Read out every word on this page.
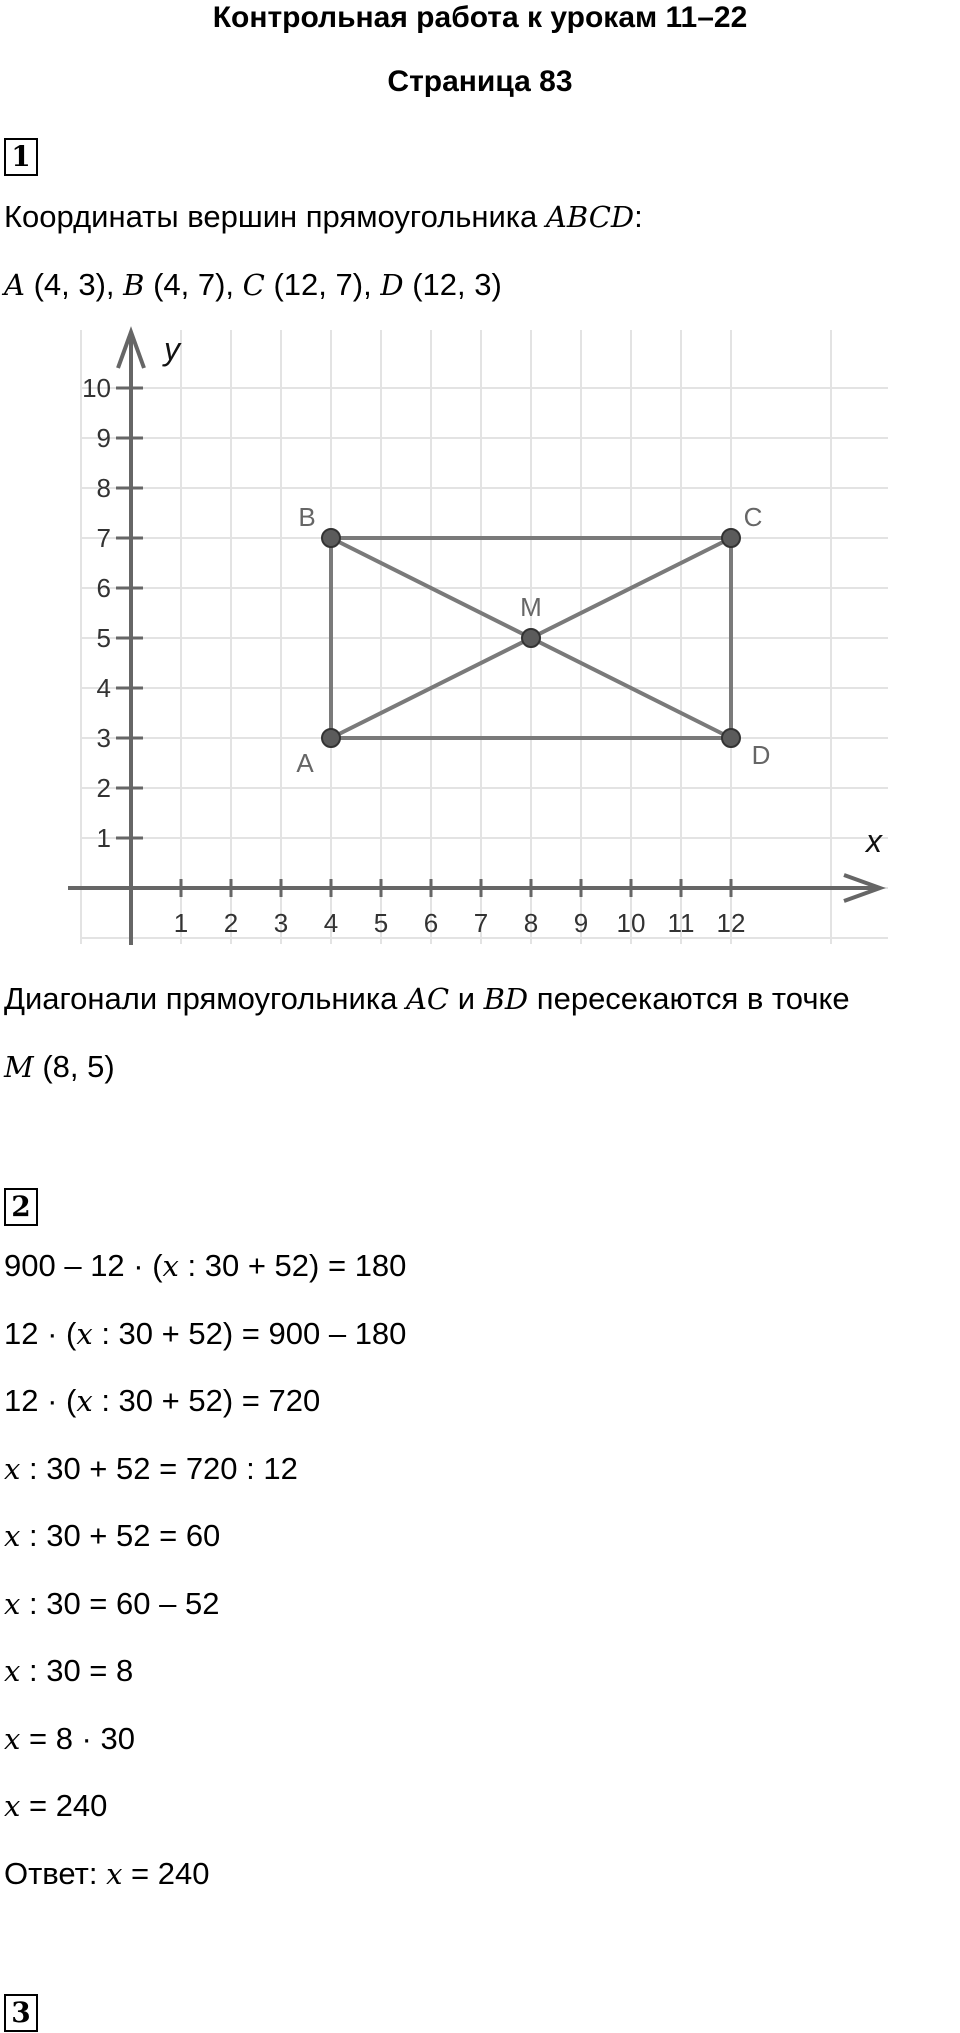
Контрольная работа к урокам 11–22
Страница 83
1
Координаты вершин прямоугольника ABCD:
A (4, 3), B (4, 7), C (12, 7), D (12, 3)
x
y
1 2 3 4 5 6 7 8 9 10 11 12
1
2
3
4
5
6
7
8
9
10
A
B	C
D
M
Диагонали прямоугольника AC и BD пересекаются в точке
M (8, 5)
2
900 – 12 · (x : 30 + 52) = 180
12 · (x : 30 + 52) = 900 – 180
12 · (x : 30 + 52) = 720
x : 30 + 52 = 720 : 12
x : 30 + 52 = 60
x : 30 = 60 – 52
x : 30 = 8
x = 8 · 30
x = 240
Ответ: x = 240
3
